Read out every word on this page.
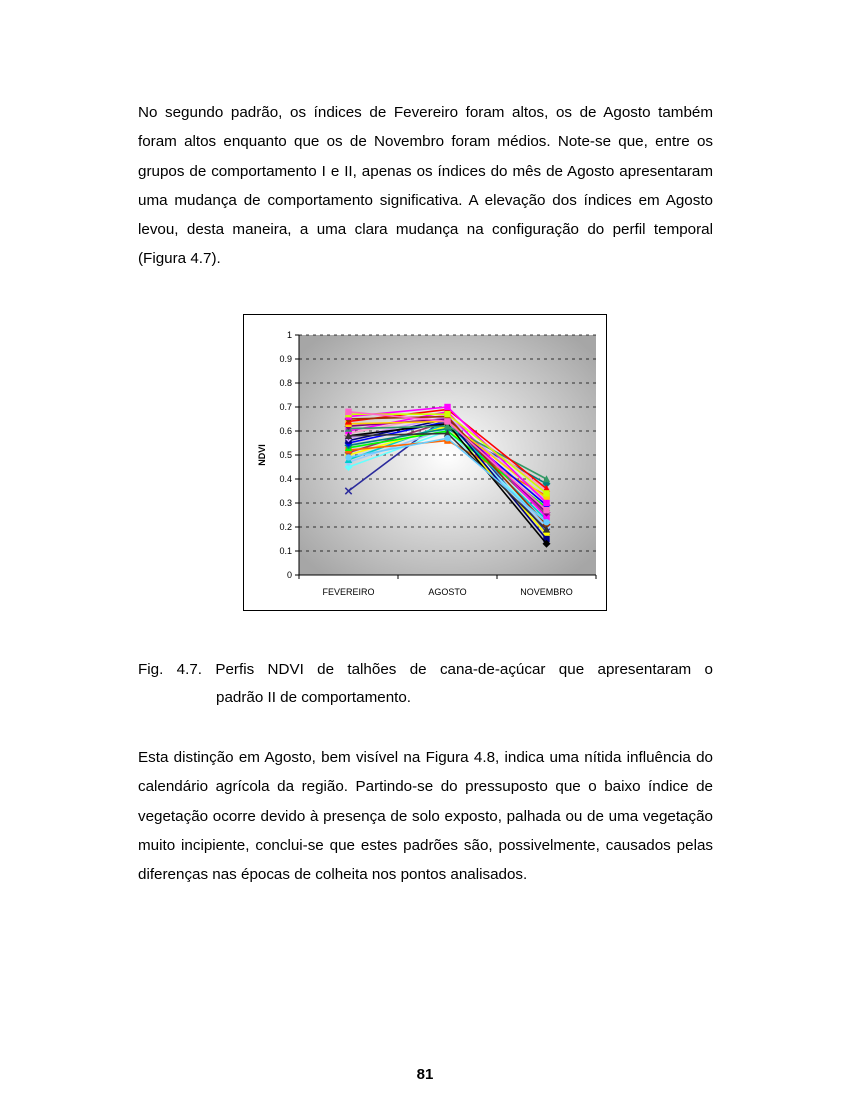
No segundo padrão, os índices de Fevereiro foram altos, os de Agosto também foram altos enquanto que os de Novembro foram médios. Note-se que, entre os grupos de comportamento I e II, apenas os índices do mês de Agosto apresentaram uma mudança de comportamento significativa. A elevação dos índices em Agosto levou, desta maneira, a uma clara mudança na configuração do perfil temporal (Figura 4.7).

0
0.1
0.2
0.3
0.4
0.5
0.6
0.7
0.8
0.9
1
FEVEREIRO	AGOSTO	NOVEMBRO
NDVI
Fig. 4.7. Perfis NDVI de talhões de cana-de-açúcar que apresentaram o
padrão II de comportamento.

Esta distinção em Agosto, bem visível na Figura 4.8, indica uma nítida influência do calendário agrícola da região. Partindo-se do pressuposto que o baixo índice de vegetação ocorre devido à presença de solo exposto, palhada ou de uma vegetação muito incipiente, conclui-se que estes padrões são, possivelmente, causados pelas diferenças nas épocas de colheita nos pontos analisados.

81
